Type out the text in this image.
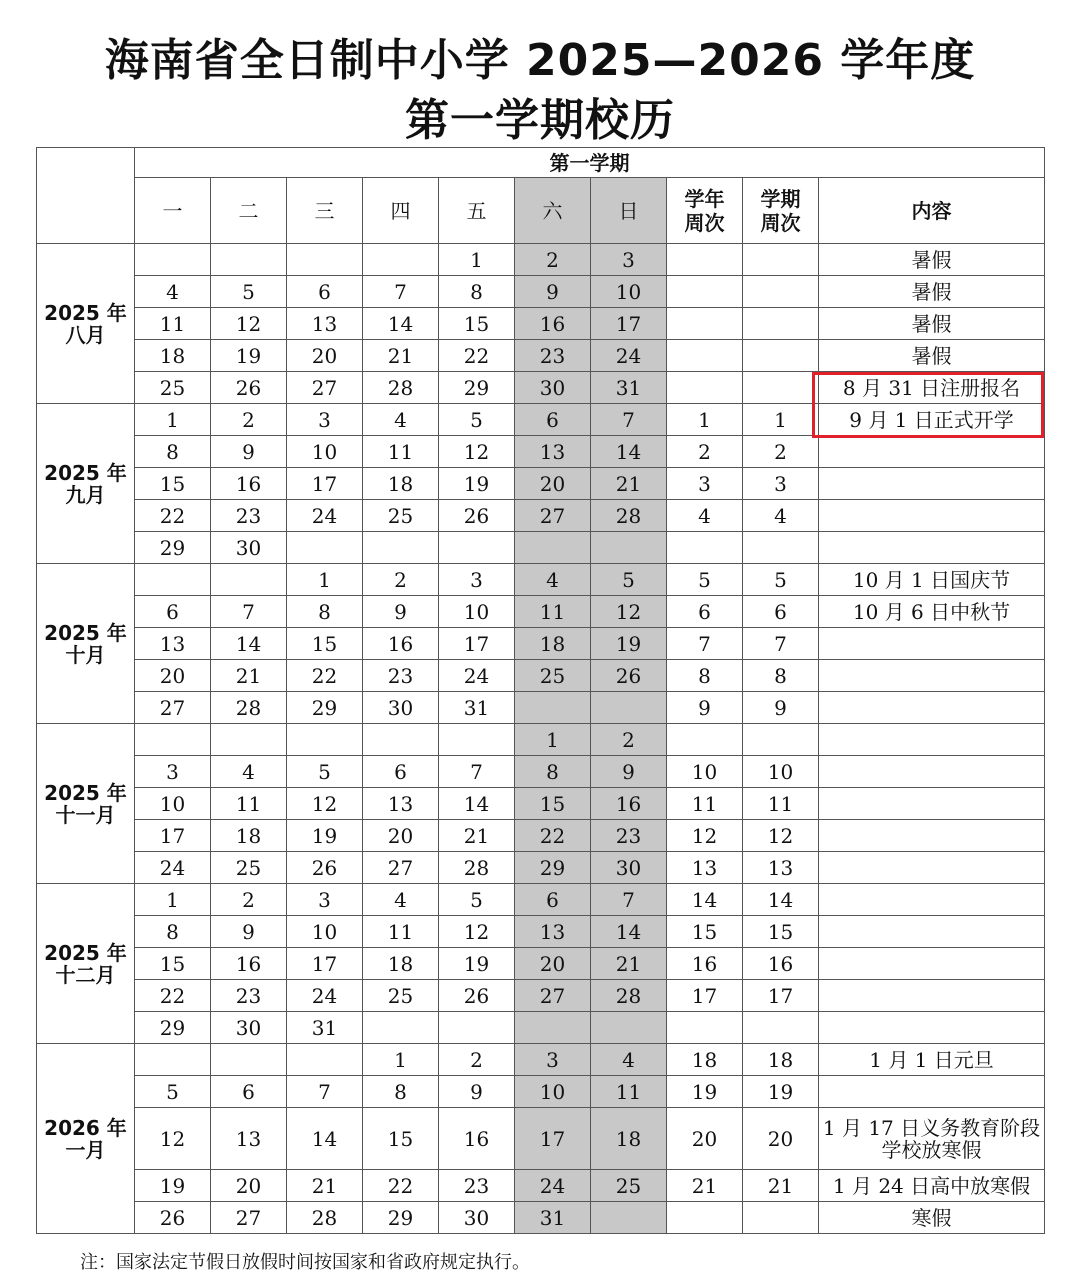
海南省全日制中小学 2025—2026 学年度
第一学期校历
	第一学期									
	一	二	三	四	五	六	日	学年
周次	学期
周次	内容

2025 年
八月					1	2	3			暑假
	4	5	6	7	8	9	10			暑假
	11	12	13	14	15	16	17			暑假
	18	19	20	21	22	23	24			暑假
	25	26	27	28	29	30	31			8 月 31 日注册报名
2025 年
九月	1	2	3	4	5	6	7	1	1	9 月 1 日正式开学
	8	9	10	11	12	13	14	2	2	
	15	16	17	18	19	20	21	3	3	
	22	23	24	25	26	27	28	4	4	
	29	30								
2025 年
十月			1	2	3	4	5	5	5	10 月 1 日国庆节
	6	7	8	9	10	11	12	6	6	10 月 6 日中秋节
	13	14	15	16	17	18	19	7	7	
	20	21	22	23	24	25	26	8	8	
	27	28	29	30	31			9	9	
2025 年
十一月						1	2			
	3	4	5	6	7	8	9	10	10	
	10	11	12	13	14	15	16	11	11	
	17	18	19	20	21	22	23	12	12	
	24	25	26	27	28	29	30	13	13	
2025 年
十二月	1	2	3	4	5	6	7	14	14	
	8	9	10	11	12	13	14	15	15	
	15	16	17	18	19	20	21	16	16	
	22	23	24	25	26	27	28	17	17	
	29	30	31							
2026 年
一月				1	2	3	4	18	18	1 月 1 日元旦
	5	6	7	8	9	10	11	19	19	
	12	13	14	15	16	17	18	20	20	1 月 17 日义务教育阶段
学校放寒假
	19	20	21	22	23	24	25	21	21	1 月 24 日高中放寒假
	26	27	28	29	30	31				寒假
注：国家法定节假日放假时间按国家和省政府规定执行。
